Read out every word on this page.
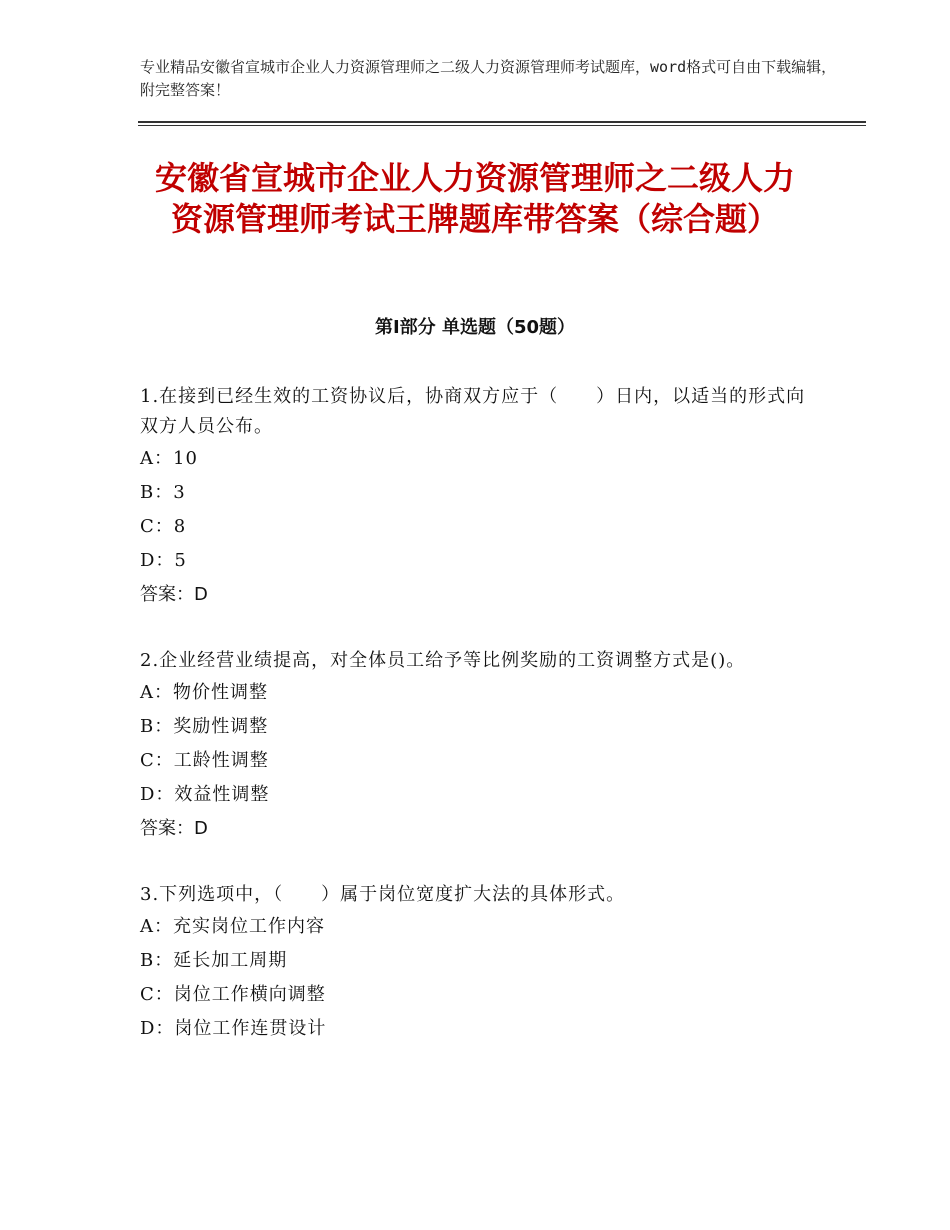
专业精品安徽省宣城市企业人力资源管理师之二级人力资源管理师考试题库，word格式可自由下载编辑，附完整答案！
安徽省宣城市企业人力资源管理师之二级人力资源管理师考试王牌题库带答案（综合题）
第Ⅰ部分 单选题（50题）
1.在接到已经生效的工资协议后，协商双方应于（　　）日内，以适当的形式向双方人员公布。
A：10
B：3
C：8
D：5
答案：D
2.企业经营业绩提高，对全体员工给予等比例奖励的工资调整方式是()。
A：物价性调整
B：奖励性调整
C：工龄性调整
D：效益性调整
答案：D
3.下列选项中，（　　）属于岗位宽度扩大法的具体形式。
A：充实岗位工作内容
B：延长加工周期
C：岗位工作横向调整
D：岗位工作连贯设计
